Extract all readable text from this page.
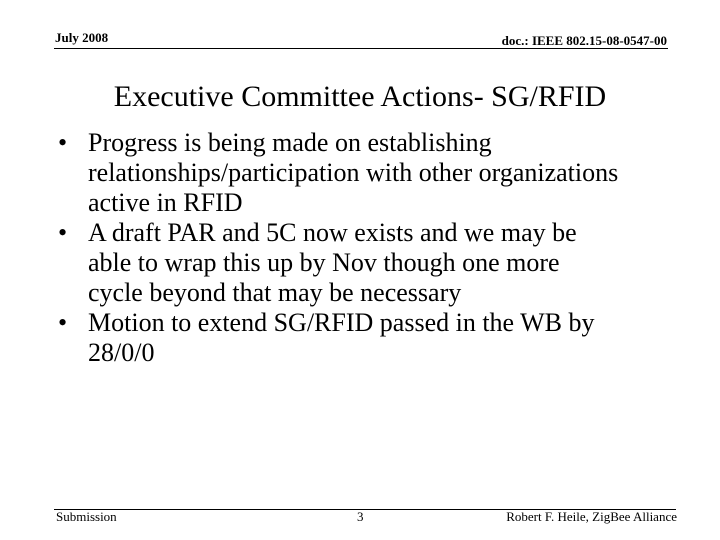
July 2008	doc.: IEEE 802.15-08-0547-00
Executive Committee Actions- SG/RFID
• Progress is being made on establishing
relationships/participation with other organizations
active in RFID
• A draft PAR and 5C now exists and we may be
able to wrap this up by Nov though one more
cycle beyond that may be necessary
• Motion to extend SG/RFID passed in the WB by
28/0/0
Submission	3	Robert F. Heile, ZigBee Alliance
